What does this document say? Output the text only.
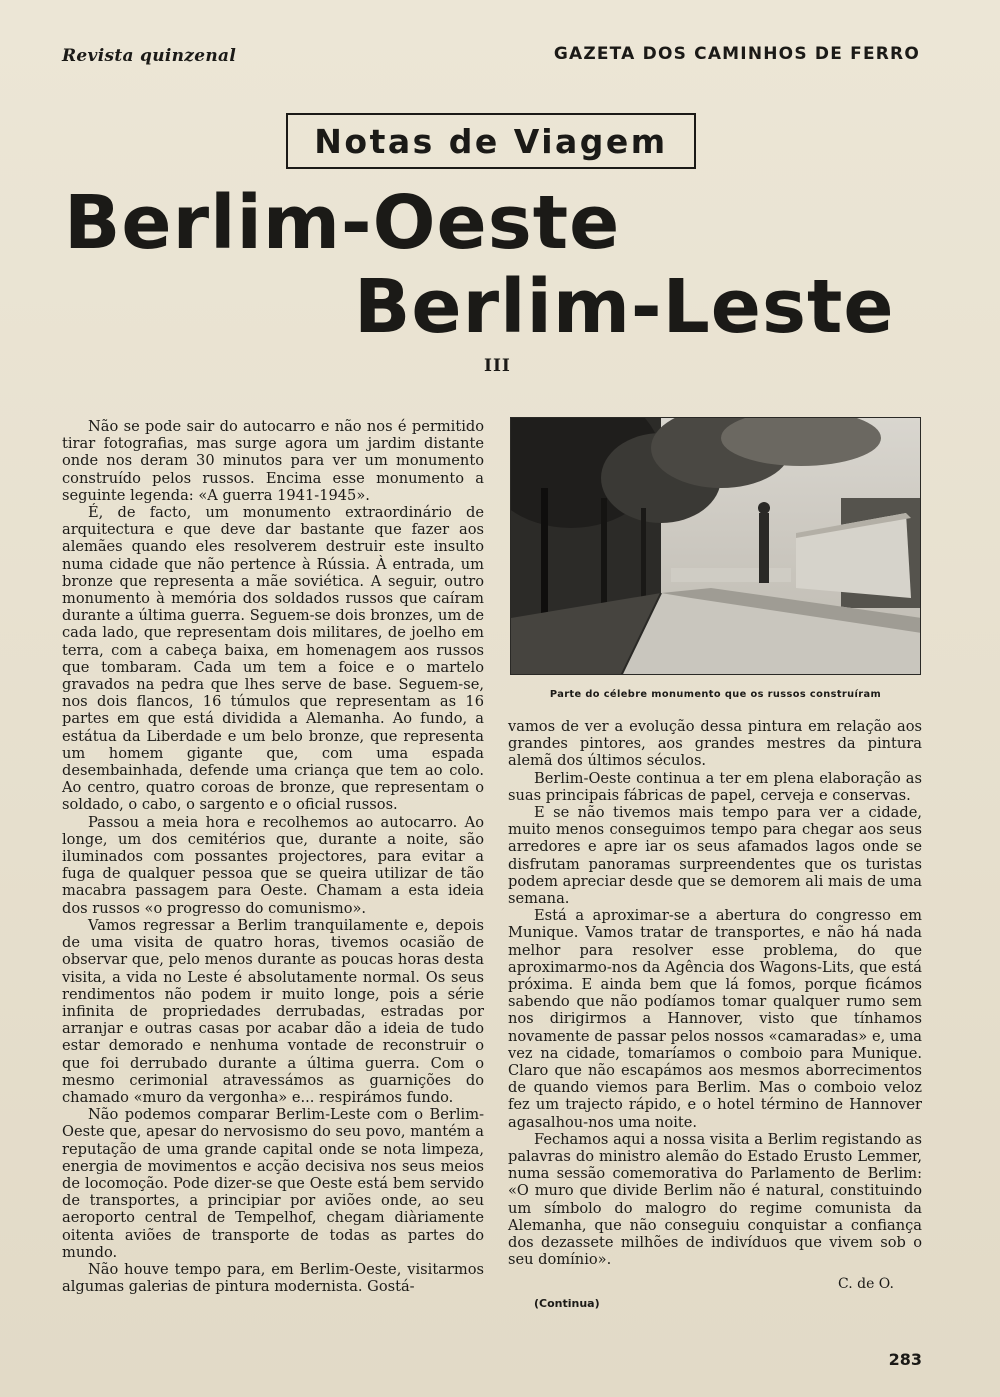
Revista quinzenal	GAZETA DOS CAMINHOS DE FERRO
Notas de Viagem
Berlim-Oeste
Berlim-Leste
III

Não se pode sair do autocarro e não nos é permitido tirar fotografias, mas surge agora um jardim distante onde nos deram 30 minutos para ver um monumento construído pelos russos. Encima esse monumento a seguinte legenda: «A guerra 1941-1945».

É, de facto, um monumento extraordinário de arquitectura e que deve dar bastante que fazer aos alemães quando eles resolverem destruir este insulto numa cidade que não pertence à Rússia. À entrada, um bronze que representa a mãe soviética. A seguir, outro monumento à memória dos soldados russos que caíram durante a última guerra. Seguem-se dois bronzes, um de cada lado, que representam dois militares, de joelho em terra, com a cabeça baixa, em homenagem aos russos que tombaram. Cada um tem a foice e o martelo gravados na pedra que lhes serve de base. Seguem-se, nos dois flancos, 16 túmulos que representam as 16 partes em que está dividida a Alemanha. Ao fundo, a estátua da Liberdade e um belo bronze, que representa um homem gigante que, com uma espada desembainhada, defende uma criança que tem ao colo. Ao centro, quatro coroas de bronze, que representam o soldado, o cabo, o sargento e o oficial russos.

Passou a meia hora e recolhemos ao autocarro. Ao longe, um dos cemitérios que, durante a noite, são iluminados com possantes projectores, para evitar a fuga de qualquer pessoa que se queira utilizar de tão macabra passagem para Oeste. Chamam a esta ideia dos russos «o progresso do comunismo».

Vamos regressar a Berlim tranquilamente e, depois de uma visita de quatro horas, tivemos ocasião de observar que, pelo menos durante as poucas horas desta visita, a vida no Leste é absolutamente normal. Os seus rendimentos não podem ir muito longe, pois a série infinita de propriedades derrubadas, estradas por arranjar e outras casas por acabar dão a ideia de tudo estar demorado e nenhuma vontade de reconstruir o que foi derrubado durante a última guerra. Com o mesmo cerimonial atravessámos as guarnições do chamado «muro da vergonha» e... respirámos fundo.

Não podemos comparar Berlim-Leste com o Berlim-Oeste que, apesar do nervosismo do seu povo, mantém a reputação de uma grande capital onde se nota limpeza, energia de movimentos e acção decisiva nos seus meios de locomoção. Pode dizer-se que Oeste está bem servido de transportes, a principiar por aviões onde, ao seu aeroporto central de Tempelhof, chegam diàriamente oitenta aviões de transporte de todas as partes do mundo.

Não houve tempo para, em Berlim-Oeste, visitarmos algumas galerias de pintura modernista. Gostá-

Parte do célebre monumento que os russos construíram

vamos de ver a evolução dessa pintura em relação aos grandes pintores, aos grandes mestres da pintura alemã dos últimos séculos.

Berlim-Oeste continua a ter em plena elaboração as suas principais fábricas de papel, cerveja e conservas.

E se não tivemos mais tempo para ver a cidade, muito menos conseguimos tempo para chegar aos seus arredores e apre iar os seus afamados lagos onde se disfrutam panoramas surpreendentes que os turistas podem apreciar desde que se demorem ali mais de uma semana.

Está a aproximar-se a abertura do congresso em Munique. Vamos tratar de transportes, e não há nada melhor para resolver esse problema, do que aproximarmo-nos da Agência dos Wagons-Lits, que está próxima. E ainda bem que lá fomos, porque ficámos sabendo que não podíamos tomar qualquer rumo sem nos dirigirmos a Hannover, visto que tínhamos novamente de passar pelos nossos «camaradas» e, uma vez na cidade, tomaríamos o comboio para Munique. Claro que não escapámos aos mesmos aborrecimentos de quando viemos para Berlim. Mas o comboio veloz fez um trajecto rápido, e o hotel término de Hannover agasalhou-nos uma noite.

Fechamos aqui a nossa visita a Berlim registando as palavras do ministro alemão do Estado Erusto Lemmer, numa sessão comemorativa do Parlamento de Berlim: «O muro que divide Berlim não é natural, constituindo um símbolo do malogro do regime comunista da Alemanha, que não conseguiu conquistar a confiança dos dezassete milhões de indivíduos que vivem sob o seu domínio».

C. de O.
(Continua)
283
